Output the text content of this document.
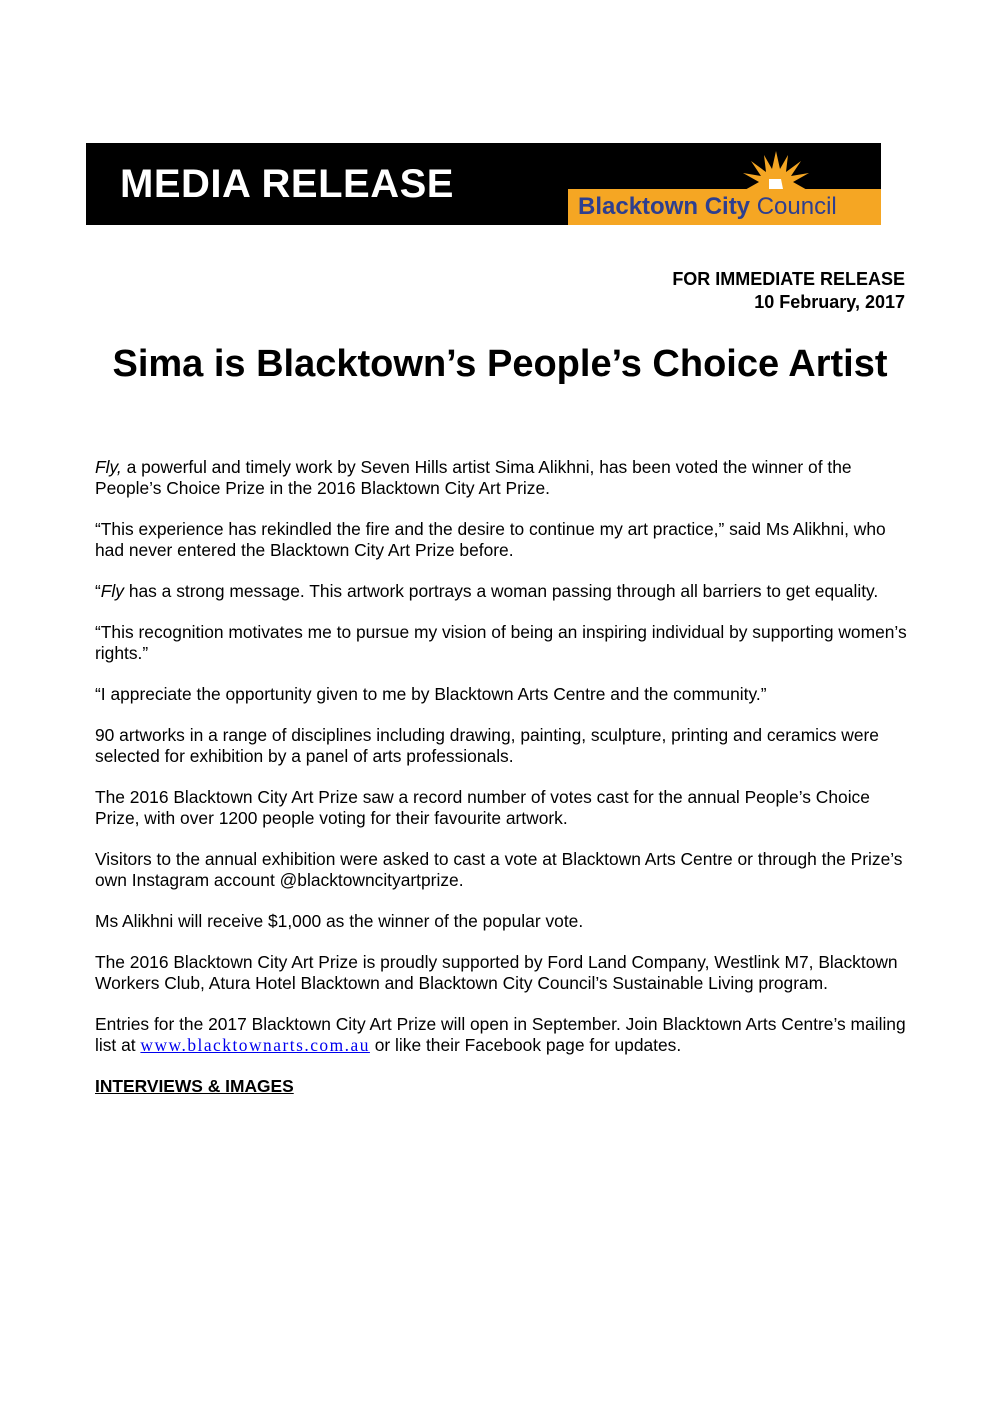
MEDIA RELEASE
Blacktown City Council
FOR IMMEDIATE RELEASE
10 February, 2017
Sima is Blacktown’s People’s Choice Artist

Fly, a powerful and timely work by Seven Hills artist Sima Alikhni, has been voted the winner of the People’s Choice Prize in the 2016 Blacktown City Art Prize.

“This experience has rekindled the fire and the desire to continue my art practice,” said Ms Alikhni, who had never entered the Blacktown City Art Prize before.

“Fly has a strong message. This artwork portrays a woman passing through all barriers to get equality.

“This recognition motivates me to pursue my vision of being an inspiring individual by supporting women’s rights.”

“I appreciate the opportunity given to me by Blacktown Arts Centre and the community.”

90 artworks in a range of disciplines including drawing, painting, sculpture, printing and ceramics were selected for exhibition by a panel of arts professionals.

The 2016 Blacktown City Art Prize saw a record number of votes cast for the annual People’s Choice Prize, with over 1200 people voting for their favourite artwork.

Visitors to the annual exhibition were asked to cast a vote at Blacktown Arts Centre or through the Prize’s own Instagram account @blacktowncityartprize.

Ms Alikhni will receive $1,000 as the winner of the popular vote.

The 2016 Blacktown City Art Prize is proudly supported by Ford Land Company, Westlink M7, Blacktown Workers Club, Atura Hotel Blacktown and Blacktown City Council’s Sustainable Living program.

Entries for the 2017 Blacktown City Art Prize will open in September. Join Blacktown Arts Centre’s mailing list at www.blacktownarts.com.au or like their Facebook page for updates.

INTERVIEWS & IMAGES
